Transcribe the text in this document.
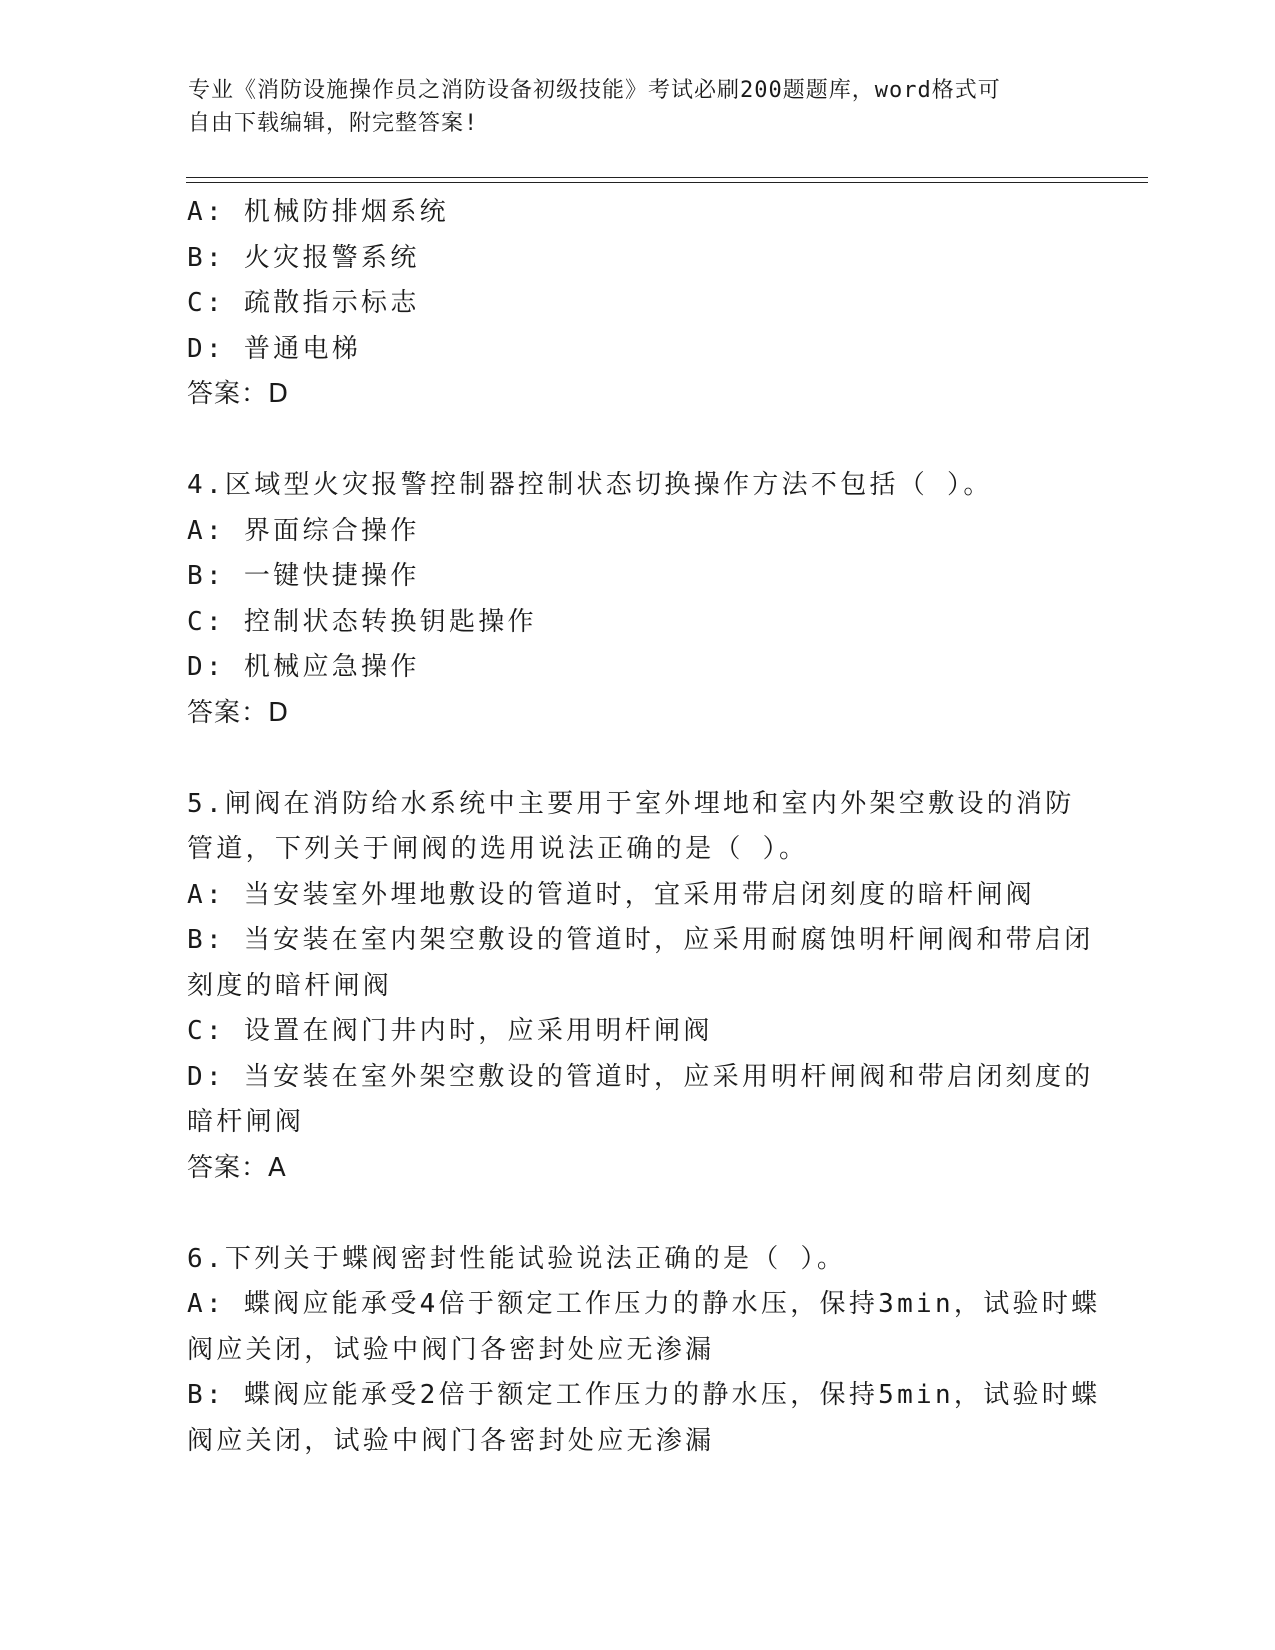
专业《消防设施操作员之消防设备初级技能》考试必刷200题题库，word格式可
自由下载编辑，附完整答案!
A: 机械防排烟系统
B: 火灾报警系统
C: 疏散指示标志
D: 普通电梯
答案：D
4.区域型火灾报警控制器控制状态切换操作方法不包括（ ）。
A: 界面综合操作
B: 一键快捷操作
C: 控制状态转换钥匙操作
D: 机械应急操作
答案：D
5.闸阀在消防给水系统中主要用于室外埋地和室内外架空敷设的消防
管道，下列关于闸阀的选用说法正确的是（ ）。
A: 当安装室外埋地敷设的管道时，宜采用带启闭刻度的暗杆闸阀
B: 当安装在室内架空敷设的管道时，应采用耐腐蚀明杆闸阀和带启闭
刻度的暗杆闸阀
C: 设置在阀门井内时，应采用明杆闸阀
D: 当安装在室外架空敷设的管道时，应采用明杆闸阀和带启闭刻度的
暗杆闸阀
答案：A
6.下列关于蝶阀密封性能试验说法正确的是（ ）。
A: 蝶阀应能承受4倍于额定工作压力的静水压，保持3min，试验时蝶
阀应关闭，试验中阀门各密封处应无渗漏
B: 蝶阀应能承受2倍于额定工作压力的静水压，保持5min，试验时蝶
阀应关闭，试验中阀门各密封处应无渗漏
